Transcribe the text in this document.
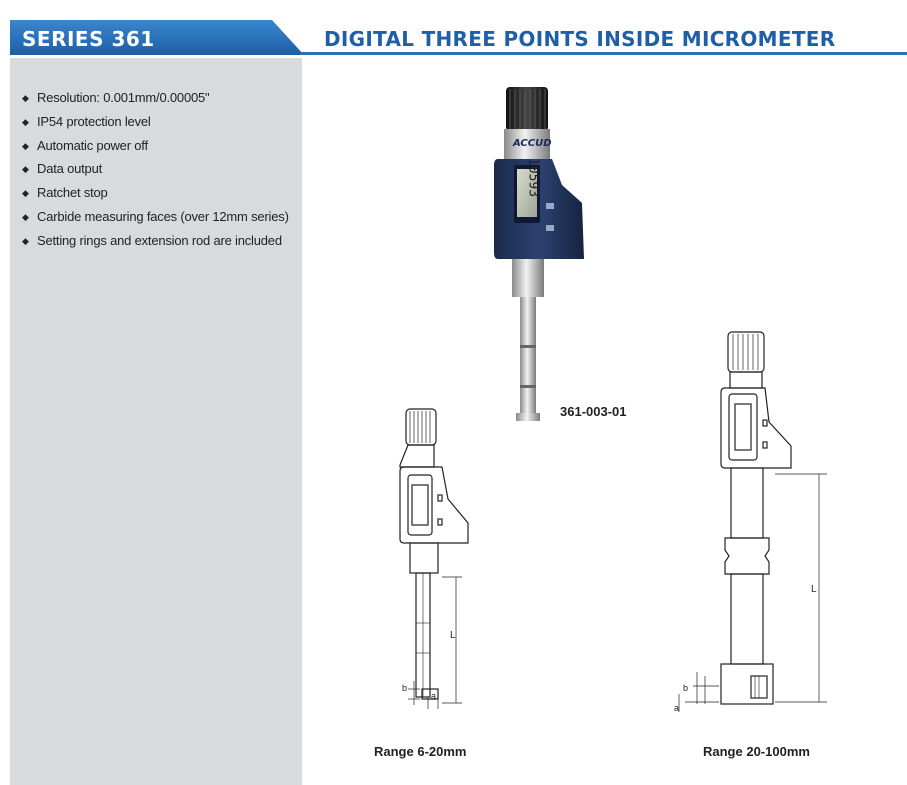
SERIES 361	DIGITAL THREE POINTS INSIDE MICROMETER
◆ Resolution: 0.001mm/0.00005"
◆ IP54 protection level
◆ Automatic power off
◆ Data output
◆ Ratchet stop
◆ Carbide measuring faces (over 12mm series)
◆ Setting rings and extension rod are included
ACCUD
10593
361-003-01
L
b
a
Range 6-20mm
L
b
a
Range 20-100mm
